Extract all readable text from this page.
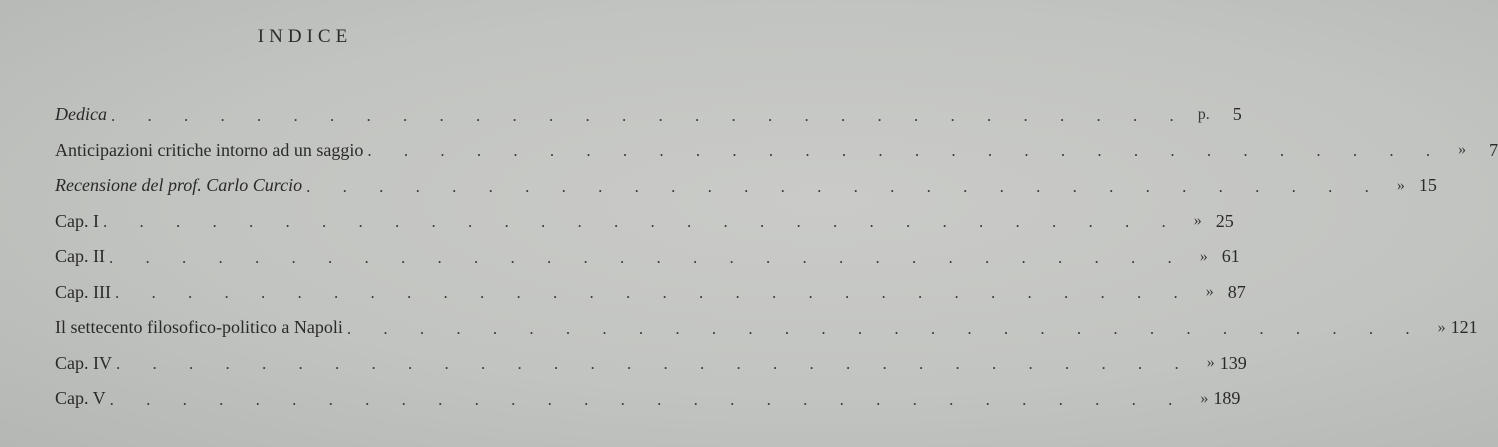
INDICE
Dedica . . . . . . . . . . . . . . . . . . . . . . . . . . . . . . p.	5
Anticipazioni critiche intorno ad un saggio . . . . . . . . . . . . . . . . . . . . . . . . . . . . . . »	7
Recensione del prof. Carlo Curcio . . . . . . . . . . . . . . . . . . . . . . . . . . . . . . » 15
Cap. I . . . . . . . . . . . . . . . . . . . . . . . . . . . . . . » 25
Cap. II . . . . . . . . . . . . . . . . . . . . . . . . . . . . . . » 61
Cap. III . . . . . . . . . . . . . . . . . . . . . . . . . . . . . . » 87
Il settecento filosofico-politico a Napoli . . . . . . . . . . . . . . . . . . . . . . . . . . . . . . » 121
Cap. IV . . . . . . . . . . . . . . . . . . . . . . . . . . . . . . » 139
Cap. V . . . . . . . . . . . . . . . . . . . . . . . . . . . . . . » 189
